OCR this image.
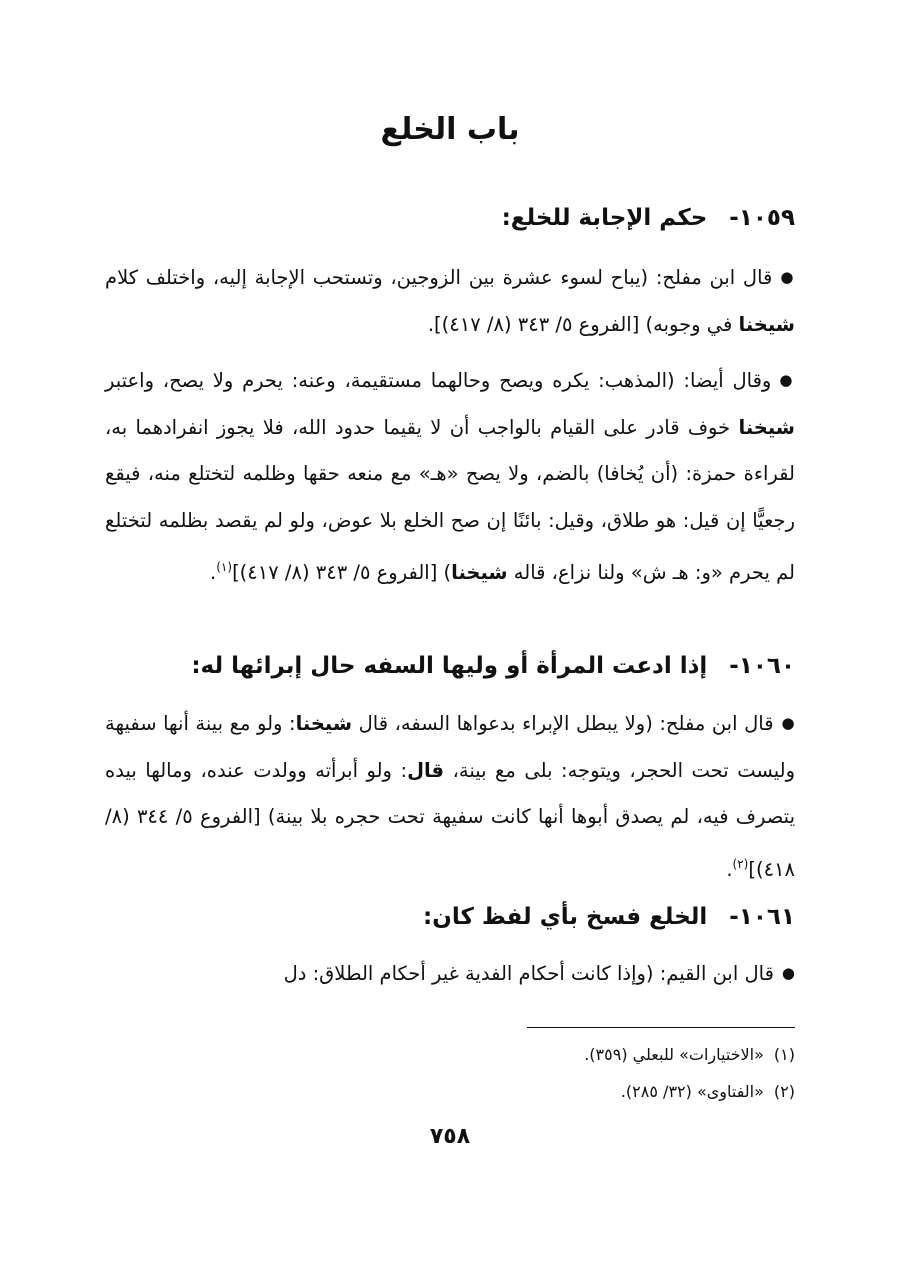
باب الخلع
١٠٥٩-حكم الإجابة للخلع:

●قال ابن مفلح: (يباح لسوء عشرة بين الزوجين، وتستحب الإجابة إليه، واختلف كلام شيخنا في وجوبه) [الفروع ٥/ ٣٤٣ (٨/ ٤١٧)].

●وقال أيضا: (المذهب: يكره ويصح وحالهما مستقيمة، وعنه: يحرم ولا يصح، واعتبر شيخنا خوف قادر على القيام بالواجب أن لا يقيما حدود الله، فلا يجوز انفرادهما به، لقراءة حمزة: (أن يُخافا) بالضم، ولا يصح «هـ» مع منعه حقها وظلمه لتختلع منه، فيقع رجعيًّا إن قيل: هو طلاق، وقيل: بائنًا إن صح الخلع بلا عوض، ولو لم يقصد بظلمه لتختلع لم يحرم «و: هـ ش» ولنا نزاع، قاله شيخنا) [الفروع ٥/ ٣٤٣ (٨/ ٤١٧)]$^{(١)}$.

١٠٦٠-إذا ادعت المرأة أو وليها السفه حال إبرائها له:

●قال ابن مفلح: (ولا يبطل الإبراء بدعواها السفه، قال شيخنا: ولو مع بينة أنها سفيهة وليست تحت الحجر، ويتوجه: بلى مع بينة، قال: ولو أبرأته وولدت عنده، ومالها بيده يتصرف فيه، لم يصدق أبوها أنها كانت سفيهة تحت حجره بلا بينة) [الفروع ٥/ ٣٤٤ (٨/ ٤١٨)]$^{(٢)}$.

١٠٦١-الخلع فسخ بأي لفظ كان:

●قال ابن القيم: (وإذا كانت أحكام الفدية غير أحكام الطلاق: دل

(١)«الاختيارات» للبعلي (٣٥٩).

(٢)«الفتاوى» (٣٢/ ٢٨٥).

٧٥٨
